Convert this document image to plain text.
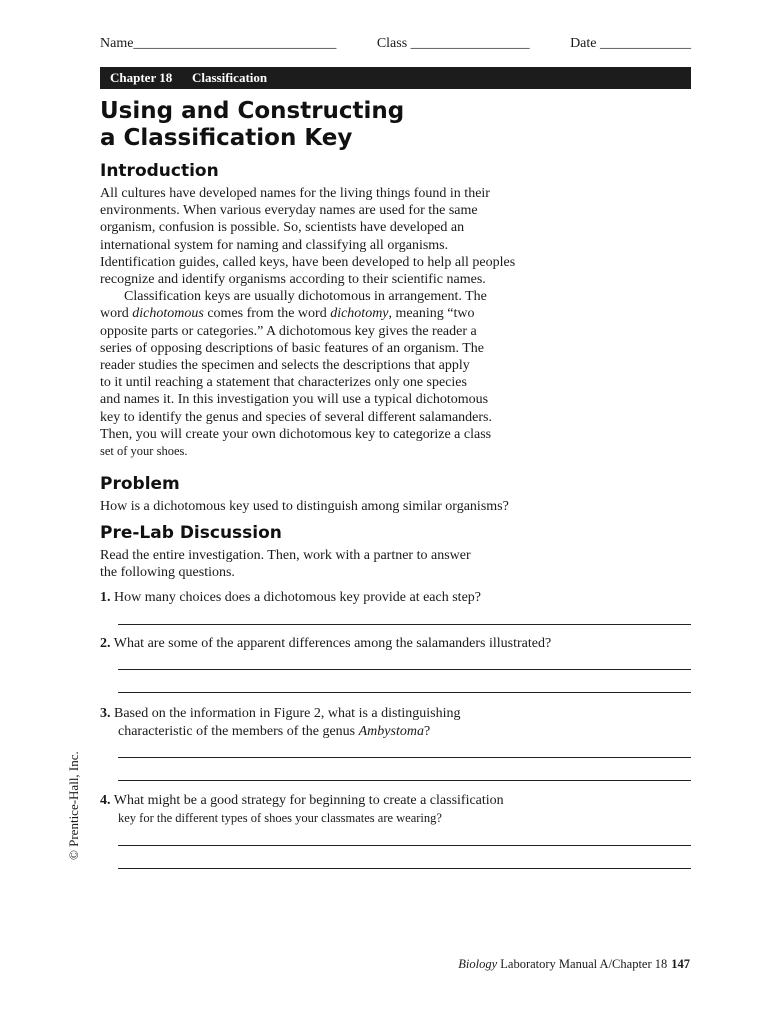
Name_____________________________	Class _________________	Date _____________
Chapter 18 Classification
Using and Constructing
a Classification Key
Introduction
All cultures have developed names for the living things found in their
environments. When various everyday names are used for the same
organism, confusion is possible. So, scientists have developed an
international system for naming and classifying all organisms.
Identification guides, called keys, have been developed to help all peoples
recognize and identify organisms according to their scientific names.
Classification keys are usually dichotomous in arrangement. The
word dichotomous comes from the word dichotomy, meaning “two
opposite parts or categories.” A dichotomous key gives the reader a
series of opposing descriptions of basic features of an organism. The
reader studies the specimen and selects the descriptions that apply
to it until reaching a statement that characterizes only one species
and names it. In this investigation you will use a typical dichotomous
key to identify the genus and species of several different salamanders.
Then, you will create your own dichotomous key to categorize a class
set of your shoes.
Problem
How is a dichotomous key used to distinguish among similar organisms?
Pre-Lab Discussion
Read the entire investigation. Then, work with a partner to answer
the following questions.
1. How many choices does a dichotomous key provide at each step?
2. What are some of the apparent differences among the salamanders illustrated?
3. Based on the information in Figure 2, what is a distinguishing
characteristic of the members of the genus Ambystoma?
4. What might be a good strategy for beginning to create a classification
key for the different types of shoes your classmates are wearing?
© Prentice-Hall, Inc.
Biology Laboratory Manual A/Chapter 18 147
